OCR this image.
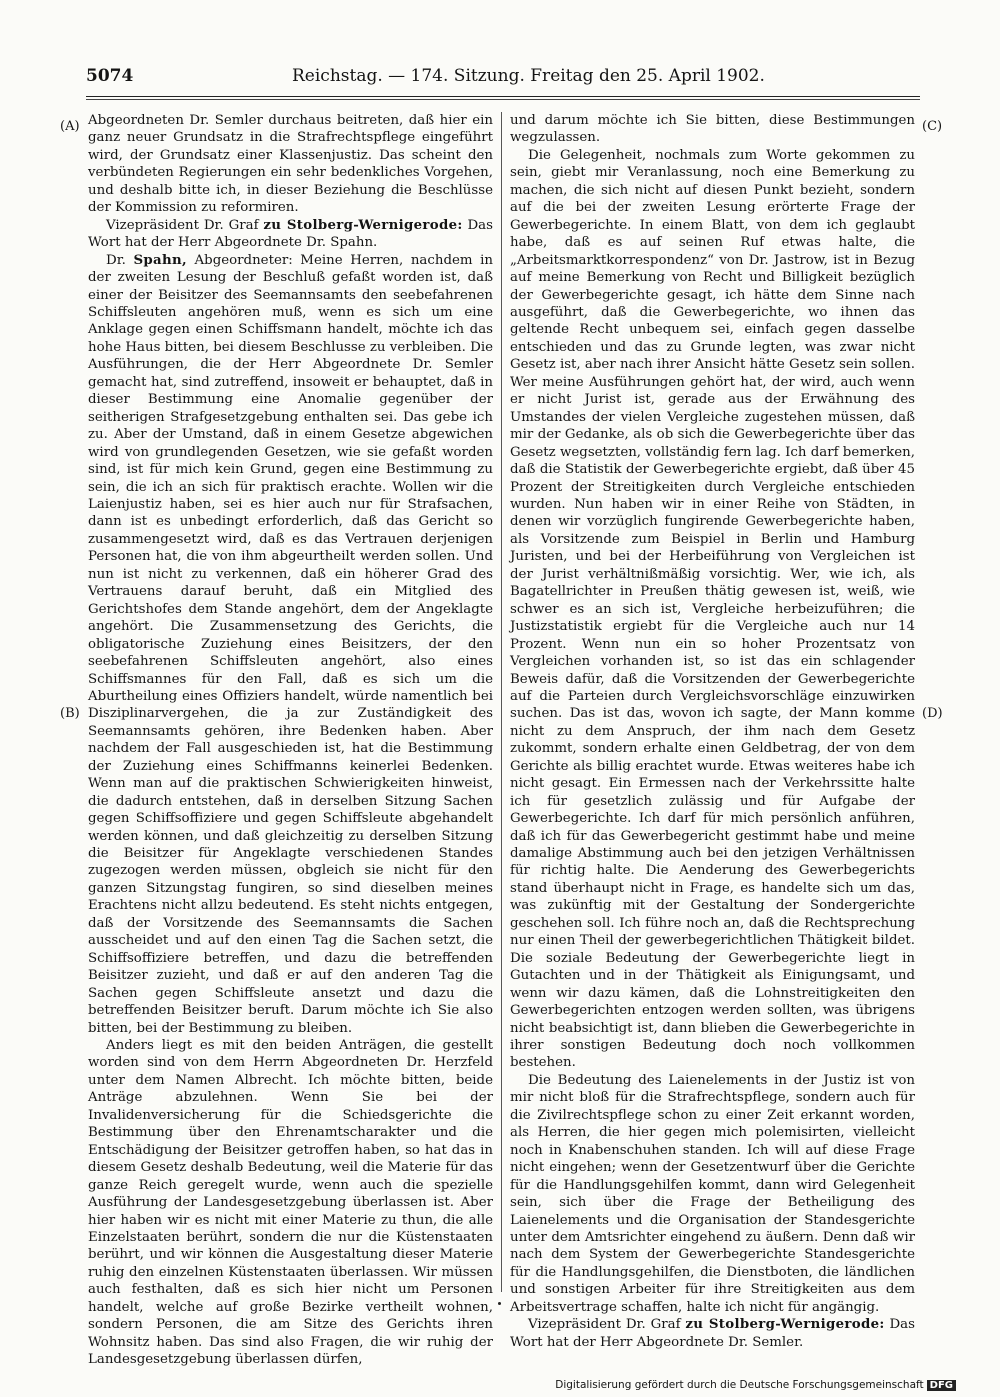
5074	Reichstag. — 174. Sitzung. Freitag den 25. April 1902.
(A)
(B)
(C)
(D)

Abgeordneten Dr. Semler durchaus beitreten, daß hier ein ganz neuer Grundsatz in die Strafrechtspflege eingeführt wird, der Grundsatz einer Klassenjustiz. Das scheint den verbündeten Regierungen ein sehr bedenkliches Vorgehen, und deshalb bitte ich, in dieser Beziehung die Beschlüsse der Kommission zu reformiren.

Vizepräsident Dr. Graf zu Stolberg-Wernigerode: Das Wort hat der Herr Abgeordnete Dr. Spahn.

Dr. Spahn, Abgeordneter: Meine Herren, nachdem in der zweiten Lesung der Beschluß gefaßt worden ist, daß einer der Beisitzer des Seemannsamts den seebefahrenen Schiffsleuten angehören muß, wenn es sich um eine Anklage gegen einen Schiffsmann handelt, möchte ich das hohe Haus bitten, bei diesem Beschlusse zu verbleiben. Die Ausführungen, die der Herr Abgeordnete Dr. Semler gemacht hat, sind zutreffend, insoweit er behauptet, daß in dieser Bestimmung eine Anomalie gegenüber der seitherigen Strafgesetzgebung enthalten sei. Das gebe ich zu. Aber der Umstand, daß in einem Gesetze abgewichen wird von grundlegenden Gesetzen, wie sie gefaßt worden sind, ist für mich kein Grund, gegen eine Bestimmung zu sein, die ich an sich für praktisch erachte. Wollen wir die Laienjustiz haben, sei es hier auch nur für Strafsachen, dann ist es unbedingt erforderlich, daß das Gericht so zusammengesetzt wird, daß es das Vertrauen derjenigen Personen hat, die von ihm abgeurtheilt werden sollen. Und nun ist nicht zu verkennen, daß ein höherer Grad des Vertrauens darauf beruht, daß ein Mitglied des Gerichtshofes dem Stande angehört, dem der Angeklagte angehört. Die Zusammensetzung des Gerichts, die obligatorische Zuziehung eines Beisitzers, der den seebefahrenen Schiffsleuten angehört, also eines Schiffsmannes für den Fall, daß es sich um die Aburtheilung eines Offiziers handelt, würde namentlich bei Disziplinarvergehen, die ja zur Zuständigkeit des Seemannsamts gehören, ihre Bedenken haben. Aber nachdem der Fall ausgeschieden ist, hat die Bestimmung der Zuziehung eines Schiffmanns keinerlei Bedenken. Wenn man auf die praktischen Schwierigkeiten hinweist, die dadurch entstehen, daß in derselben Sitzung Sachen gegen Schiffsoffiziere und gegen Schiffsleute abgehandelt werden können, und daß gleichzeitig zu derselben Sitzung die Beisitzer für Angeklagte verschiedenen Standes zugezogen werden müssen, obgleich sie nicht für den ganzen Sitzungstag fungiren, so sind dieselben meines Erachtens nicht allzu bedeutend. Es steht nichts entgegen, daß der Vorsitzende des Seemannsamts die Sachen ausscheidet und auf den einen Tag die Sachen setzt, die Schiffsoffiziere betreffen, und dazu die betreffenden Beisitzer zuzieht, und daß er auf den anderen Tag die Sachen gegen Schiffsleute ansetzt und dazu die betreffenden Beisitzer beruft. Darum möchte ich Sie also bitten, bei der Bestimmung zu bleiben.

Anders liegt es mit den beiden Anträgen, die gestellt worden sind von dem Herrn Abgeordneten Dr. Herzfeld unter dem Namen Albrecht. Ich möchte bitten, beide Anträge abzulehnen. Wenn Sie bei der Invalidenversicherung für die Schiedsgerichte die Bestimmung über den Ehrenamtscharakter und die Entschädigung der Beisitzer getroffen haben, so hat das in diesem Gesetz deshalb Bedeutung, weil die Materie für das ganze Reich geregelt wurde, wenn auch die spezielle Ausführung der Landesgesetzgebung überlassen ist. Aber hier haben wir es nicht mit einer Materie zu thun, die alle Einzelstaaten berührt, sondern die nur die Küstenstaaten berührt, und wir können die Ausgestaltung dieser Materie ruhig den einzelnen Küstenstaaten überlassen. Wir müssen auch festhalten, daß es sich hier nicht um Personen handelt, welche auf große Bezirke vertheilt wohnen, sondern Personen, die am Sitze des Gerichts ihren Wohnsitz haben. Das sind also Fragen, die wir ruhig der Landesgesetzgebung überlassen dürfen,

und darum möchte ich Sie bitten, diese Bestimmungen wegzulassen.

Die Gelegenheit, nochmals zum Worte gekommen zu sein, giebt mir Veranlassung, noch eine Bemerkung zu machen, die sich nicht auf diesen Punkt bezieht, sondern auf die bei der zweiten Lesung erörterte Frage der Gewerbegerichte. In einem Blatt, von dem ich geglaubt habe, daß es auf seinen Ruf etwas halte, die „Arbeitsmarktkorrespondenz“ von Dr. Jastrow, ist in Bezug auf meine Bemerkung von Recht und Billigkeit bezüglich der Gewerbegerichte gesagt, ich hätte dem Sinne nach ausgeführt, daß die Gewerbegerichte, wo ihnen das geltende Recht unbequem sei, einfach gegen dasselbe entschieden und das zu Grunde legten, was zwar nicht Gesetz ist, aber nach ihrer Ansicht hätte Gesetz sein sollen. Wer meine Ausführungen gehört hat, der wird, auch wenn er nicht Jurist ist, gerade aus der Erwähnung des Umstandes der vielen Vergleiche zugestehen müssen, daß mir der Gedanke, als ob sich die Gewerbegerichte über das Gesetz wegsetzten, vollständig fern lag. Ich darf bemerken, daß die Statistik der Gewerbegerichte ergiebt, daß über 45 Prozent der Streitigkeiten durch Vergleiche entschieden wurden. Nun haben wir in einer Reihe von Städten, in denen wir vorzüglich fungirende Gewerbegerichte haben, als Vorsitzende zum Beispiel in Berlin und Hamburg Juristen, und bei der Herbeiführung von Vergleichen ist der Jurist verhältnißmäßig vorsichtig. Wer, wie ich, als Bagatellrichter in Preußen thätig gewesen ist, weiß, wie schwer es an sich ist, Vergleiche herbeizuführen; die Justizstatistik ergiebt für die Vergleiche auch nur 14 Prozent. Wenn nun ein so hoher Prozentsatz von Vergleichen vorhanden ist, so ist das ein schlagender Beweis dafür, daß die Vorsitzenden der Gewerbegerichte auf die Parteien durch Vergleichsvorschläge einzuwirken suchen. Das ist das, wovon ich sagte, der Mann komme nicht zu dem Anspruch, der ihm nach dem Gesetz zukommt, sondern erhalte einen Geldbetrag, der von dem Gerichte als billig erachtet wurde. Etwas weiteres habe ich nicht gesagt. Ein Ermessen nach der Verkehrssitte halte ich für gesetzlich zulässig und für Aufgabe der Gewerbegerichte. Ich darf für mich persönlich anführen, daß ich für das Gewerbegericht gestimmt habe und meine damalige Abstimmung auch bei den jetzigen Verhältnissen für richtig halte. Die Aenderung des Gewerbegerichts stand überhaupt nicht in Frage, es handelte sich um das, was zukünftig mit der Gestaltung der Sondergerichte geschehen soll. Ich führe noch an, daß die Rechtsprechung nur einen Theil der gewerbegerichtlichen Thätigkeit bildet. Die soziale Bedeutung der Gewerbegerichte liegt in Gutachten und in der Thätigkeit als Einigungsamt, und wenn wir dazu kämen, daß die Lohnstreitigkeiten den Gewerbegerichten entzogen werden sollten, was übrigens nicht beabsichtigt ist, dann blieben die Gewerbegerichte in ihrer sonstigen Bedeutung doch noch vollkommen bestehen.

Die Bedeutung des Laienelements in der Justiz ist von mir nicht bloß für die Strafrechtspflege, sondern auch für die Zivilrechtspflege schon zu einer Zeit erkannt worden, als Herren, die hier gegen mich polemisirten, vielleicht noch in Knabenschuhen standen. Ich will auf diese Frage nicht eingehen; wenn der Gesetzentwurf über die Gerichte für die Handlungsgehilfen kommt, dann wird Gelegenheit sein, sich über die Frage der Betheiligung des Laienelements und die Organisation der Standesgerichte unter dem Amtsrichter eingehend zu äußern. Denn daß wir nach dem System der Gewerbegerichte Standesgerichte für die Handlungsgehilfen, die Dienstboten, die ländlichen und sonstigen Arbeiter für ihre Streitigkeiten aus dem Arbeitsvertrage schaffen, halte ich nicht für angängig.

Vizepräsident Dr. Graf zu Stolberg-Wernigerode: Das Wort hat der Herr Abgeordnete Dr. Semler.

Digitalisierung gefördert durch die Deutsche Forschungsgemeinschaft DFG
